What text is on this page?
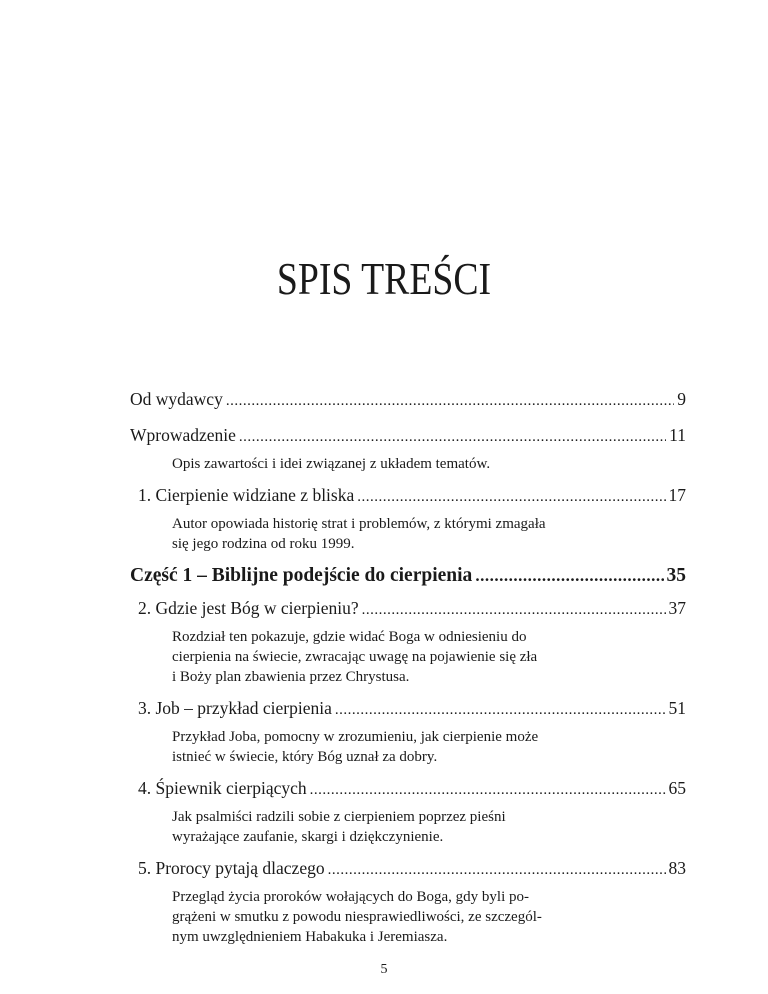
SPIS TREŚCI
Od wydawcy .....	9
Wprowadzenie .....	11
Opis zawartości i idei związanej z układem tematów.
1. Cierpienie widziane z bliska .....	17
Autor opowiada historię strat i problemów, z którymi zmagała
się jego rodzina od roku 1999.
Część 1 – Biblijne podejście do cierpienia .....	35
2. Gdzie jest Bóg w cierpieniu? .....	37
Rozdział ten pokazuje, gdzie widać Boga w odniesieniu do
cierpienia na świecie, zwracając uwagę na pojawienie się zła
i Boży plan zbawienia przez Chrystusa.
3. Job – przykład cierpienia .....	51
Przykład Joba, pomocny w zrozumieniu, jak cierpienie może
istnieć w świecie, który Bóg uznał za dobry.
4. Śpiewnik cierpiących .....	65
Jak psalmiści radzili sobie z cierpieniem poprzez pieśni
wyrażające zaufanie, skargi i dziękczynienie.
5. Prorocy pytają dlaczego .....	83
Przegląd życia proroków wołających do Boga, gdy byli po-
grążeni w smutku z powodu niesprawiedliwości, ze szczegól-
nym uwzględnieniem Habakuka i Jeremiasza.
5
